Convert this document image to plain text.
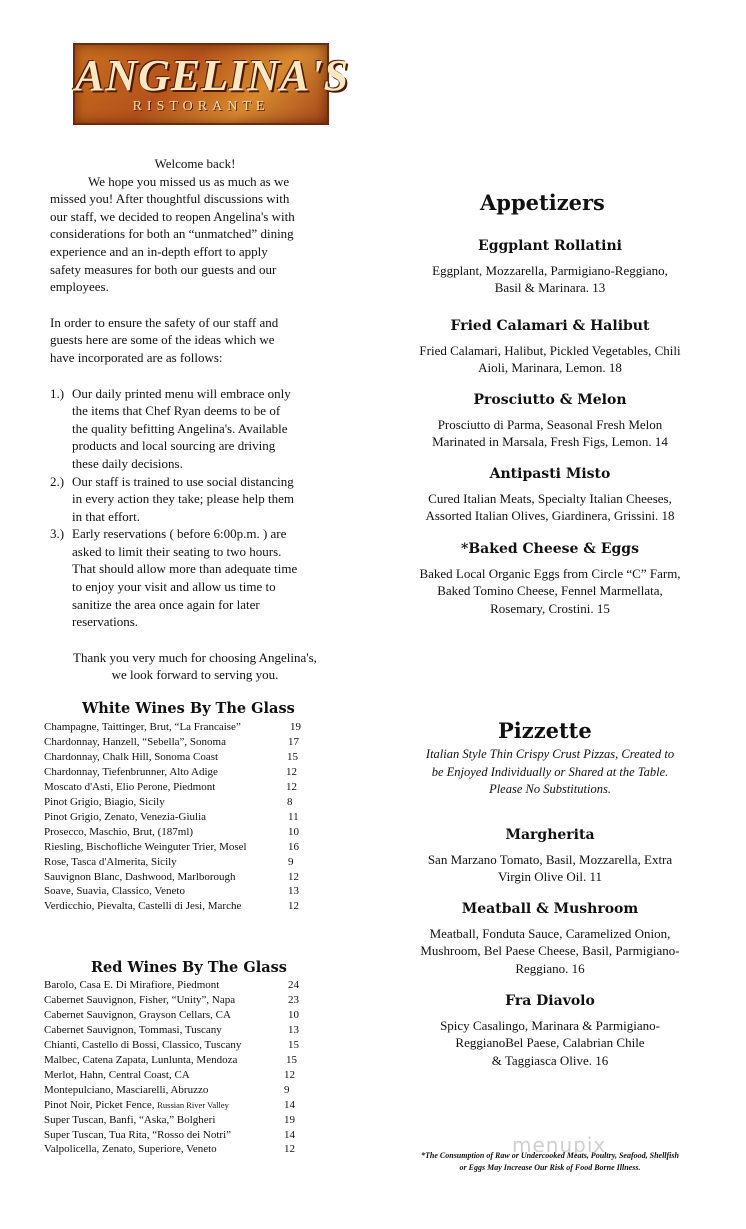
ANGELINA'S
RISTORANTE

Welcome back!

We hope you missed us as much as we

missed you! After thoughtful discussions with

our staff, we decided to reopen Angelina's with

considerations for both an “unmatched” dining

experience and an in-depth effort to apply

safety measures for both our guests and our

employees.

In order to ensure the safety of our staff and

guests here are some of the ideas which we

have incorporated are as follows:

1.) Our daily printed menu will embrace only

the items that Chef Ryan deems to be of

the quality befitting Angelina's. Available

products and local sourcing are driving

these daily decisions.

2.) Our staff is trained to use social distancing

in every action they take; please help them

in that effort.

3.) Early reservations ( before 6:00p.m. ) are

asked to limit their seating to two hours.

That should allow more than adequate time

to enjoy your visit and allow us time to

sanitize the area once again for later

reservations.

Thank you very much for choosing Angelina's,

we look forward to serving you.

White Wines By The Glass
Champagne, Taittinger, Brut, “La Francaise”	19
Chardonnay, Hanzell, “Sebella”, Sonoma	17
Chardonnay, Chalk Hill, Sonoma Coast	15
Chardonnay, Tiefenbrunner, Alto Adige	12
Moscato d'Asti, Elio Perone, Piedmont	12
Pinot Grigio, Biagio, Sicily	8
Pinot Grigio, Zenato, Venezia-Giulia	11
Prosecco, Maschio, Brut, (187ml)	10
Riesling, Bischofliche Weinguter Trier, Mosel	16
Rose, Tasca d'Almerita, Sicily	9
Sauvignon Blanc, Dashwood, Marlborough	12
Soave, Suavia, Classico, Veneto	13
Verdicchio, Pievalta, Castelli di Jesi, Marche	12
Red Wines By The Glass
Barolo, Casa E. Di Mirafiore, Piedmont	24
Cabernet Sauvignon, Fisher, “Unity”, Napa	23
Cabernet Sauvignon, Grayson Cellars, CA	10
Cabernet Sauvignon, Tommasi, Tuscany	13
Chianti, Castello di Bossi, Classico, Tuscany	15
Malbec, Catena Zapata, Lunlunta, Mendoza	15
Merlot, Hahn, Central Coast, CA	12
Montepulciano, Masciarelli, Abruzzo	9
Pinot Noir, Picket Fence, Russian River Valley	14
Super Tuscan, Banfi, “Aska,” Bolgheri	19
Super Tuscan, Tua Rita, “Rosso dei Notri”	14
Valpolicella, Zenato, Superiore, Veneto	12
Appetizers
Eggplant Rollatini

Eggplant, Mozzarella, Parmigiano-Reggiano,

Basil & Marinara. 13

Fried Calamari & Halibut

Fried Calamari, Halibut, Pickled Vegetables, Chili

Aioli, Marinara, Lemon. 18

Prosciutto & Melon

Prosciutto di Parma, Seasonal Fresh Melon

Marinated in Marsala, Fresh Figs, Lemon. 14

Antipasti Misto

Cured Italian Meats, Specialty Italian Cheeses,

Assorted Italian Olives, Giardinera, Grissini. 18

*Baked Cheese & Eggs

Baked Local Organic Eggs from Circle “C” Farm,

Baked Tomino Cheese, Fennel Marmellata,

Rosemary, Crostini. 15

Pizzette
Italian Style Thin Crispy Crust Pizzas, Created to
be Enjoyed Individually or Shared at the Table.
Please No Substitutions.
Margherita

San Marzano Tomato, Basil, Mozzarella, Extra

Virgin Olive Oil. 11

Meatball & Mushroom

Meatball, Fonduta Sauce, Caramelized Onion,

Mushroom, Bel Paese Cheese, Basil, Parmigiano-

Reggiano. 16

Fra Diavolo

Spicy Casalingo, Marinara & Parmigiano-

ReggianoBel Paese, Calabrian Chile

& Taggiasca Olive. 16

menupix
*The Consumption of Raw or Undercooked Meats, Poultry, Seafood, Shellfish
or Eggs May Increase Our Risk of Food Borne Illness.
